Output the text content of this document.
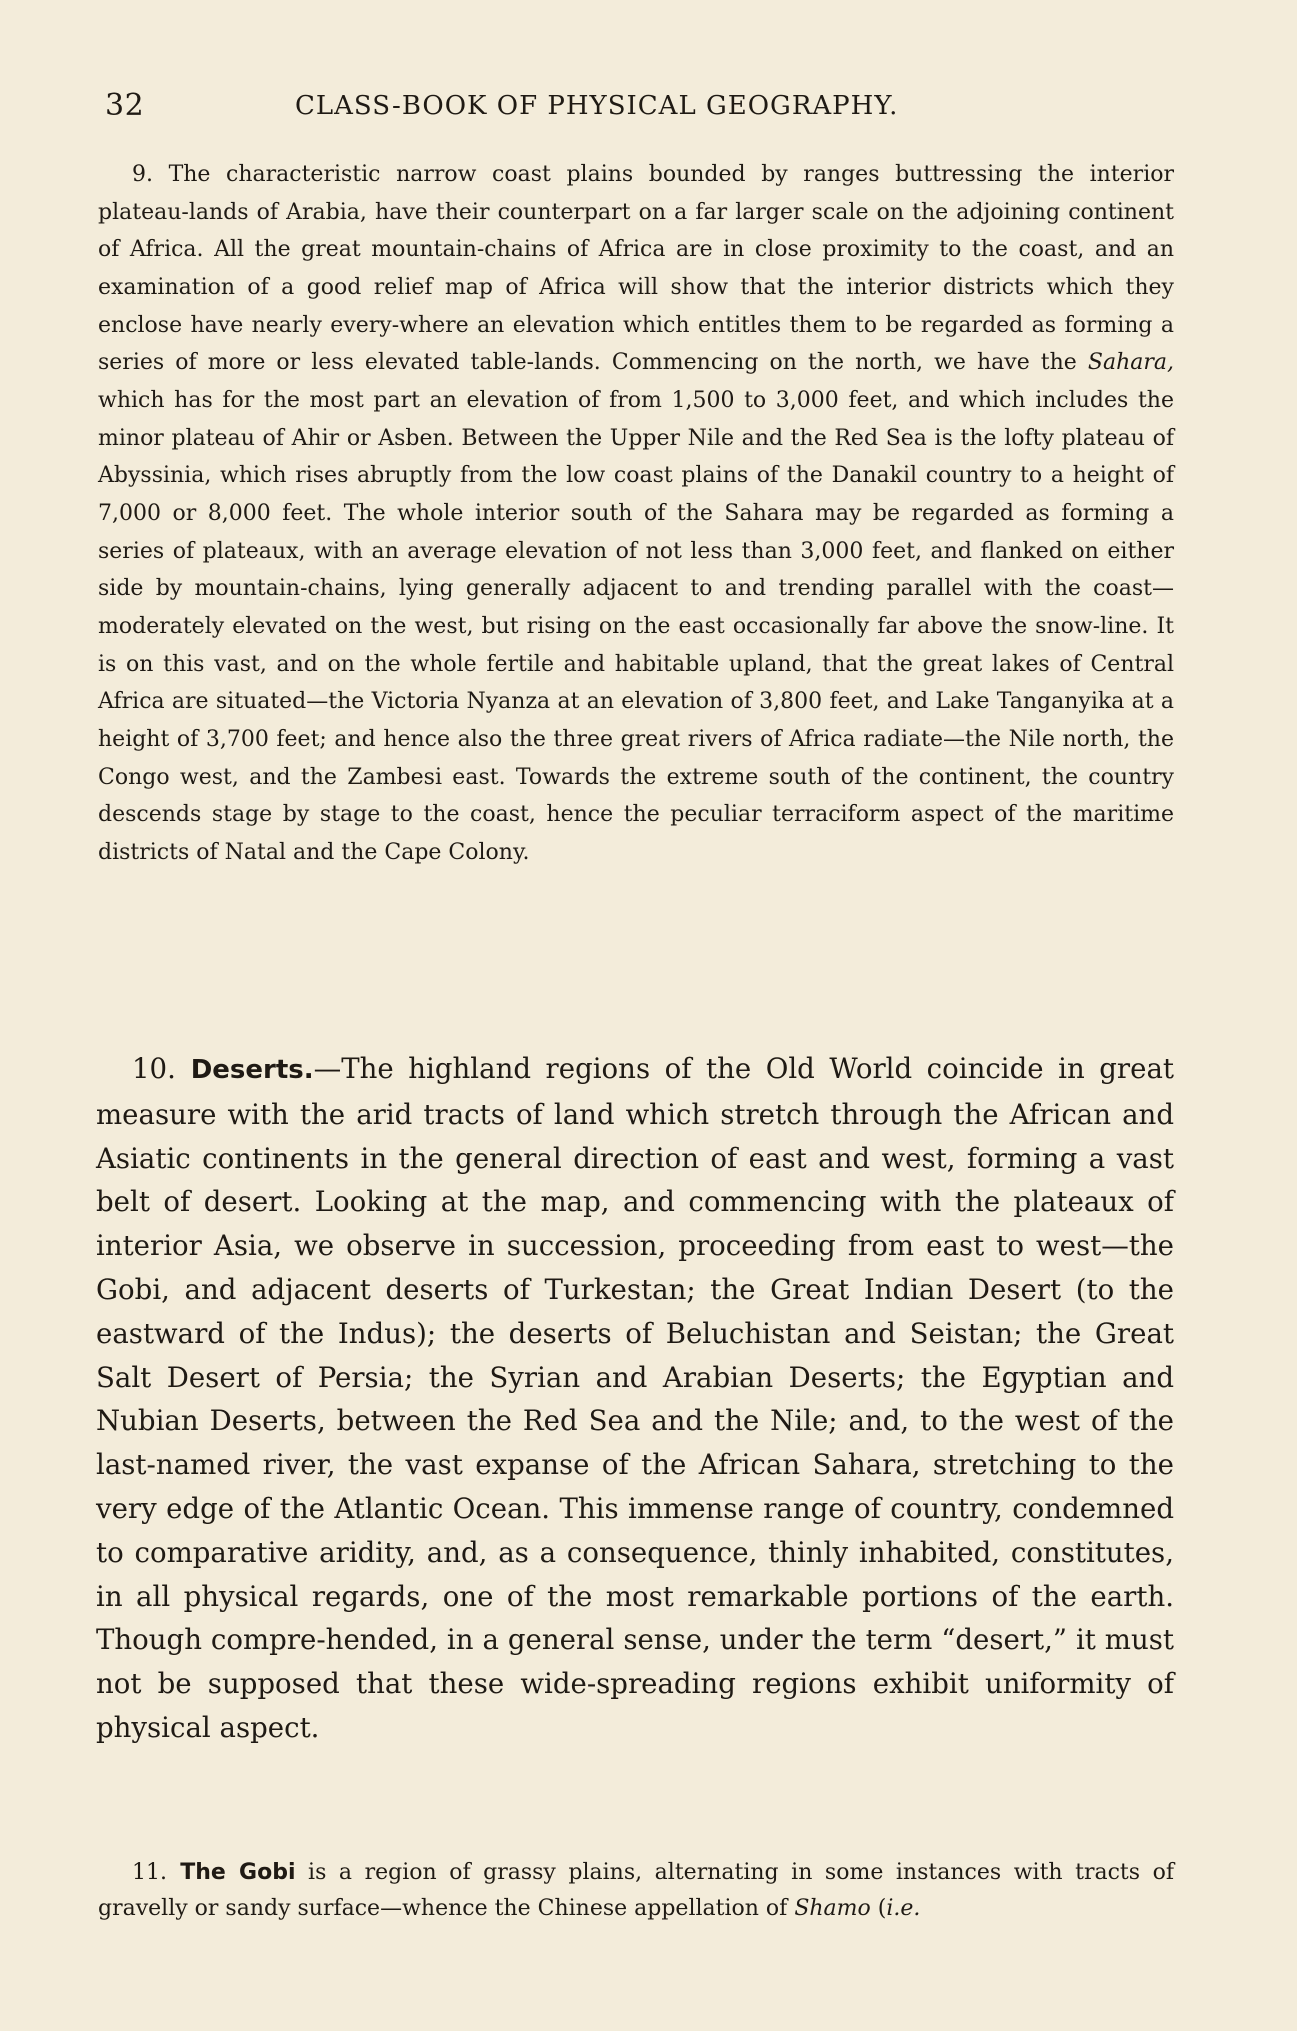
32	CLASS-BOOK OF PHYSICAL GEOGRAPHY.
9. The characteristic narrow coast plains bounded by ranges buttressing the interior plateau-lands of Arabia, have their counterpart on a far larger scale on the adjoining continent of Africa. All the great mountain-chains of Africa are in close proximity to the coast, and an examination of a good relief map of Africa will show that the interior districts which they enclose have nearly every-where an elevation which entitles them to be regarded as forming a series of more or less elevated table-lands. Commencing on the north, we have the Sahara, which has for the most part an elevation of from 1,500 to 3,000 feet, and which includes the minor plateau of Ahir or Asben. Between the Upper Nile and the Red Sea is the lofty plateau of Abyssinia, which rises abruptly from the low coast plains of the Danakil country to a height of 7,000 or 8,000 feet. The whole interior south of the Sahara may be regarded as forming a series of plateaux, with an average elevation of not less than 3,000 feet, and flanked on either side by mountain-chains, lying generally adjacent to and trending parallel with the coast—moderately elevated on the west, but rising on the east occasionally far above the snow-line. It is on this vast, and on the whole fertile and habitable upland, that the great lakes of Central Africa are situated—the Victoria Nyanza at an elevation of 3,800 feet, and Lake Tanganyika at a height of 3,700 feet; and hence also the three great rivers of Africa radiate—the Nile north, the Congo west, and the Zambesi east. Towards the extreme south of the continent, the country descends stage by stage to the coast, hence the peculiar terraciform aspect of the maritime districts of Natal and the Cape Colony.
10. Deserts.—The highland regions of the Old World coincide in great measure with the arid tracts of land which stretch through the African and Asiatic continents in the general direction of east and west, forming a vast belt of desert. Looking at the map, and commencing with the plateaux of interior Asia, we observe in succession, proceeding from east to west—the Gobi, and adjacent deserts of Turkestan; the Great Indian Desert (to the eastward of the Indus); the deserts of Beluchistan and Seistan; the Great Salt Desert of Persia; the Syrian and Arabian Deserts; the Egyptian and Nubian Deserts, between the Red Sea and the Nile; and, to the west of the last-named river, the vast expanse of the African Sahara, stretching to the very edge of the Atlantic Ocean. This immense range of country, condemned to comparative aridity, and, as a consequence, thinly inhabited, constitutes, in all physical regards, one of the most remarkable portions of the earth. Though compre-hended, in a general sense, under the term “desert,” it must not be supposed that these wide-spreading regions exhibit uniformity of physical aspect.
11. The Gobi is a region of grassy plains, alternating in some instances with tracts of gravelly or sandy surface—whence the Chinese appellation of Shamo (i.e.
